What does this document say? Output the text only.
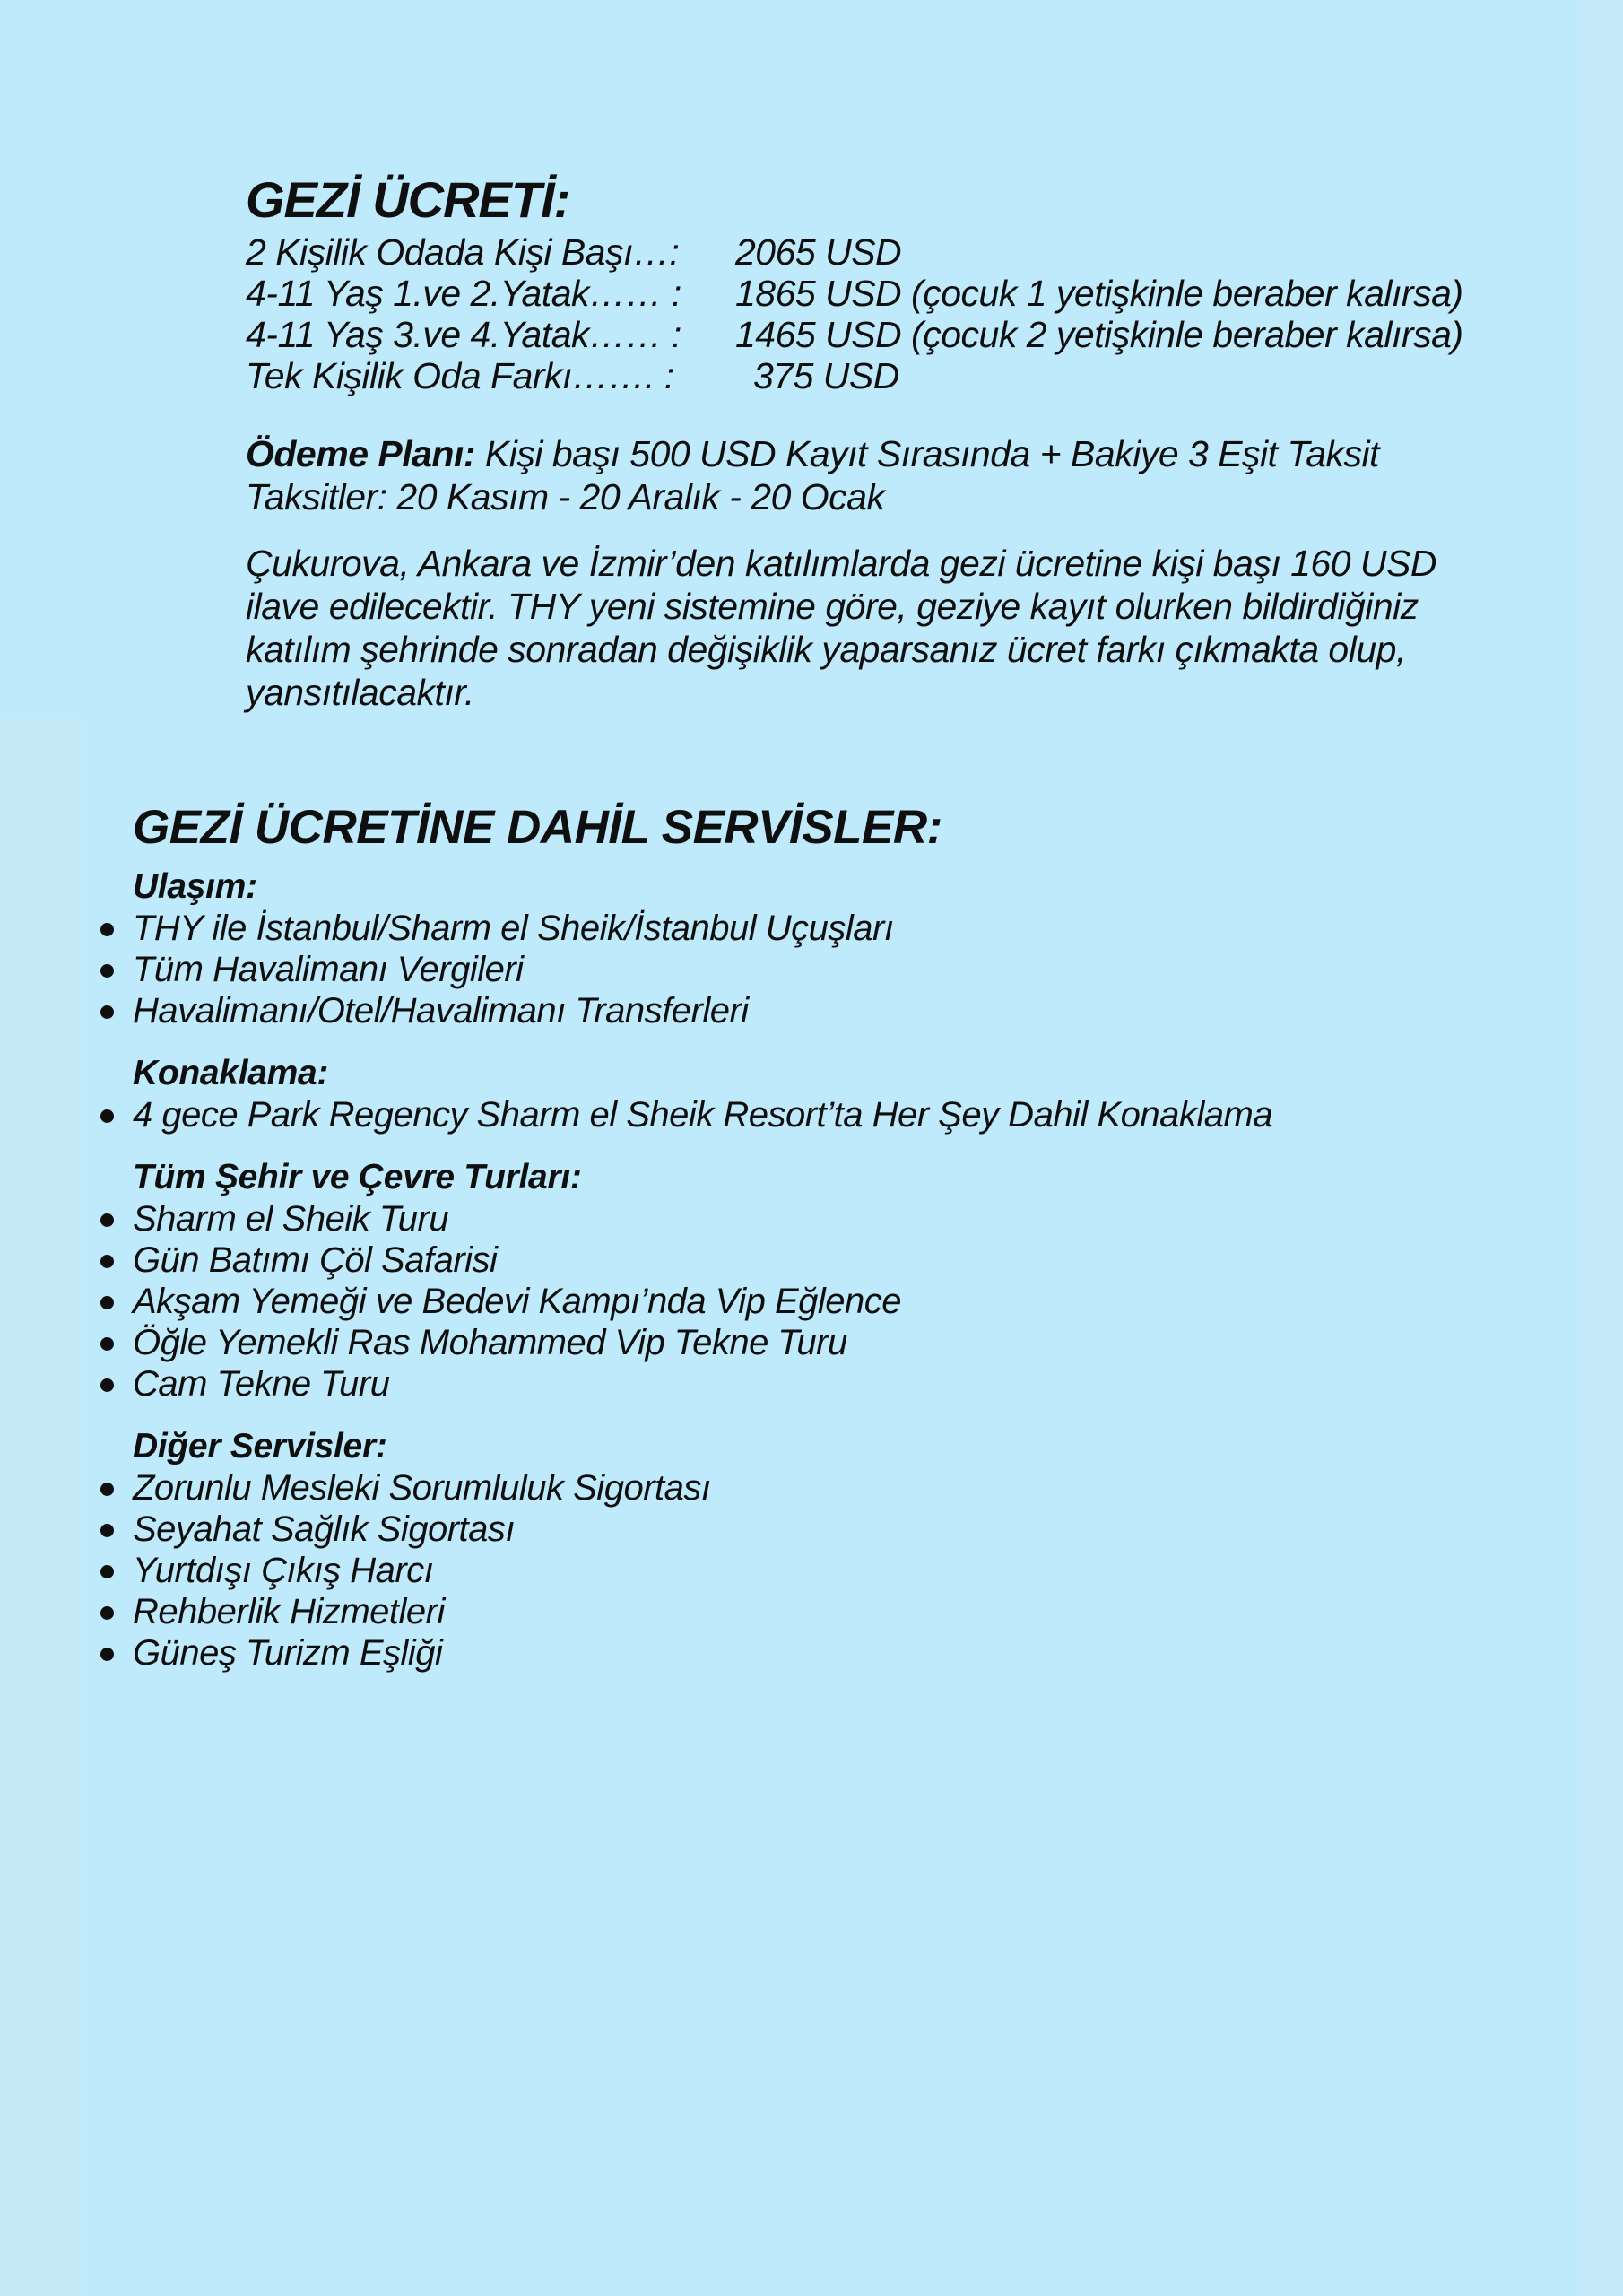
GEZİ ÜCRETİ:
2 Kişilik Odada Kişi Başı…:	2065 USD
4-11 Yaş 1.ve 2.Yatak…… :	1865 USD (çocuk 1 yetişkinle beraber kalırsa)
4-11 Yaş 3.ve 4.Yatak…… :	1465 USD (çocuk 2 yetişkinle beraber kalırsa)
Tek Kişilik Oda Farkı……. :	375 USD
Ödeme Planı: Kişi başı 500 USD Kayıt Sırasında + Bakiye 3 Eşit Taksit
Taksitler: 20 Kasım - 20 Aralık - 20 Ocak
Çukurova, Ankara ve İzmir’den katılımlarda gezi ücretine kişi başı 160 USD
ilave edilecektir. THY yeni sistemine göre, geziye kayıt olurken bildirdiğiniz
katılım şehrinde sonradan değişiklik yaparsanız ücret farkı çıkmakta olup,
yansıtılacaktır.
GEZİ ÜCRETİNE DAHİL SERVİSLER:
Ulaşım:
THY ile İstanbul/Sharm el Sheik/İstanbul Uçuşları
Tüm Havalimanı Vergileri
Havalimanı/Otel/Havalimanı Transferleri
Konaklama:
4 gece Park Regency Sharm el Sheik Resort’ta Her Şey Dahil Konaklama
Tüm Şehir ve Çevre Turları:
Sharm el Sheik Turu
Gün Batımı Çöl Safarisi
Akşam Yemeği ve Bedevi Kampı’nda Vip Eğlence
Öğle Yemekli Ras Mohammed Vip Tekne Turu
Cam Tekne Turu
Diğer Servisler:
Zorunlu Mesleki Sorumluluk Sigortası
Seyahat Sağlık Sigortası
Yurtdışı Çıkış Harcı
Rehberlik Hizmetleri
Güneş Turizm Eşliği
